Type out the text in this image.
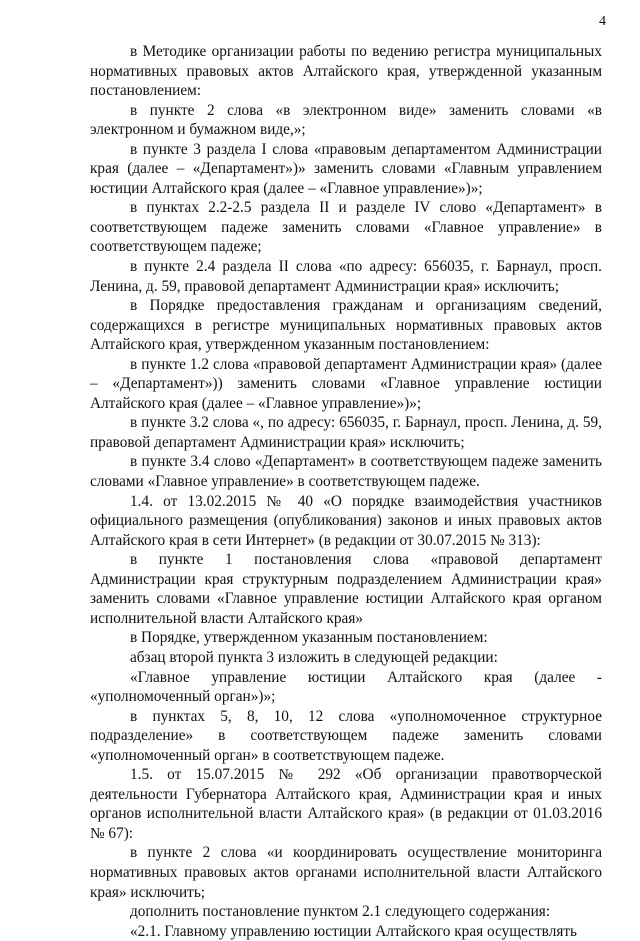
4

в Методике организации работы по ведению регистра муниципальных нормативных правовых актов Алтайского края, утвержденной указанным постановлением:

в пункте 2 слова «в электронном виде» заменить словами «в электронном и бумажном виде,»;

в пункте 3 раздела I слова «правовым департаментом Администрации края (далее – «Департамент»)» заменить словами «Главным управлением юстиции Алтайского края (далее – «Главное управление»)»;

в пунктах 2.2-2.5 раздела II и разделе IV слово «Департамент» в соответствующем падеже заменить словами «Главное управление» в соответствующем падеже;

в пункте 2.4 раздела II слова «по адресу: 656035, г. Барнаул, просп. Ленина, д. 59, правовой департамент Администрации края» исключить;

в Порядке предоставления гражданам и организациям сведений, содержащихся в регистре муниципальных нормативных правовых актов Алтайского края, утвержденном указанным постановлением:

в пункте 1.2 слова «правовой департамент Администрации края» (далее – «Департамент»)) заменить словами «Главное управление юстиции Алтайского края (далее – «Главное управление»)»;

в пункте 3.2 слова «, по адресу: 656035, г. Барнаул, просп. Ленина, д. 59, правовой департамент Администрации края» исключить;

в пункте 3.4 слово «Департамент» в соответствующем падеже заменить словами «Главное управление» в соответствующем падеже.

1.4. от 13.02.2015 № 40 «О порядке взаимодействия участников официального размещения (опубликования) законов и иных правовых актов Алтайского края в сети Интернет» (в редакции от 30.07.2015 № 313):

в пункте 1 постановления слова «правовой департамент Администрации края структурным подразделением Администрации края» заменить словами «Главное управление юстиции Алтайского края органом исполнительной власти Алтайского края»

в Порядке, утвержденном указанным постановлением:

абзац второй пункта 3 изложить в следующей редакции:

«Главное управление юстиции Алтайского края (далее - «уполномоченный орган»)»;

в пунктах 5, 8, 10, 12 слова «уполномоченное структурное подразделение» в соответствующем падеже заменить словами «уполномоченный орган» в соответствующем падеже.

1.5. от 15.07.2015 № 292 «Об организации правотворческой деятельности Губернатора Алтайского края, Администрации края и иных органов исполнительной власти Алтайского края» (в редакции от 01.03.2016 № 67):

в пункте 2 слова «и координировать осуществление мониторинга нормативных правовых актов органами исполнительной власти Алтайского края» исключить;

дополнить постановление пунктом 2.1 следующего содержания:

«2.1. Главному управлению юстиции Алтайского края осуществлять
